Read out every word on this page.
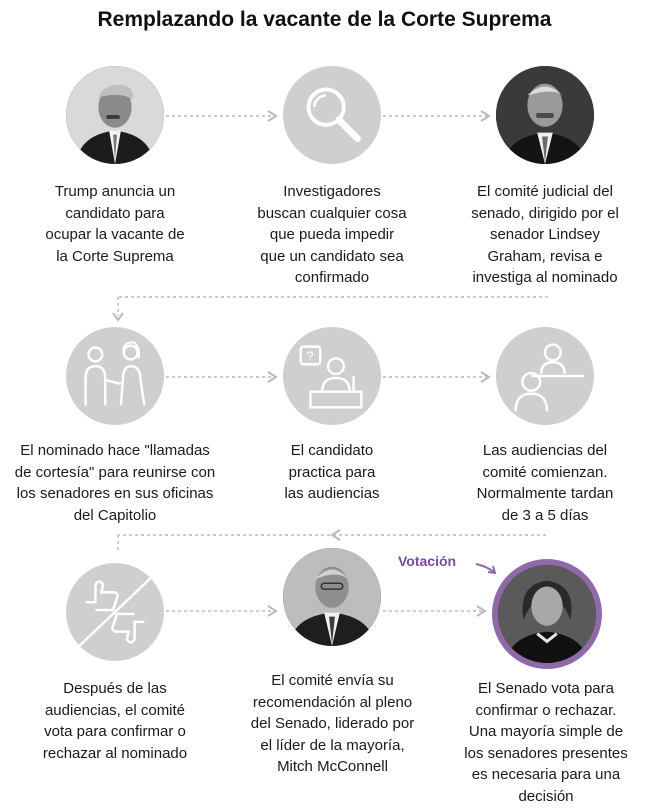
Remplazando la vacante de la Corte Suprema
Trump anuncia un
candidato para
ocupar la vacante de
la Corte Suprema
Investigadores
buscan cualquier cosa
que pueda impedir
que un candidato sea
confirmado
El comité judicial del
senado, dirigido por el
senador Lindsey
Graham, revisa e
investiga al nominado
?
El nominado hace "llamadas
de cortesía" para reunirse con
los senadores en sus oficinas
del Capitolio
El candidato
practica para
las audiencias
Las audiencias del
comité comienzan.
Normalmente tardan
de 3 a 5 días
Votación
Después de las
audiencias, el comité
vota para confirmar o
rechazar al nominado
El comité envía su
recomendación al pleno
del Senado, liderado por
el líder de la mayoría,
Mitch McConnell
El Senado vota para
confirmar o rechazar.
Una mayoría simple de
los senadores presentes
es necesaria para una
decisión
